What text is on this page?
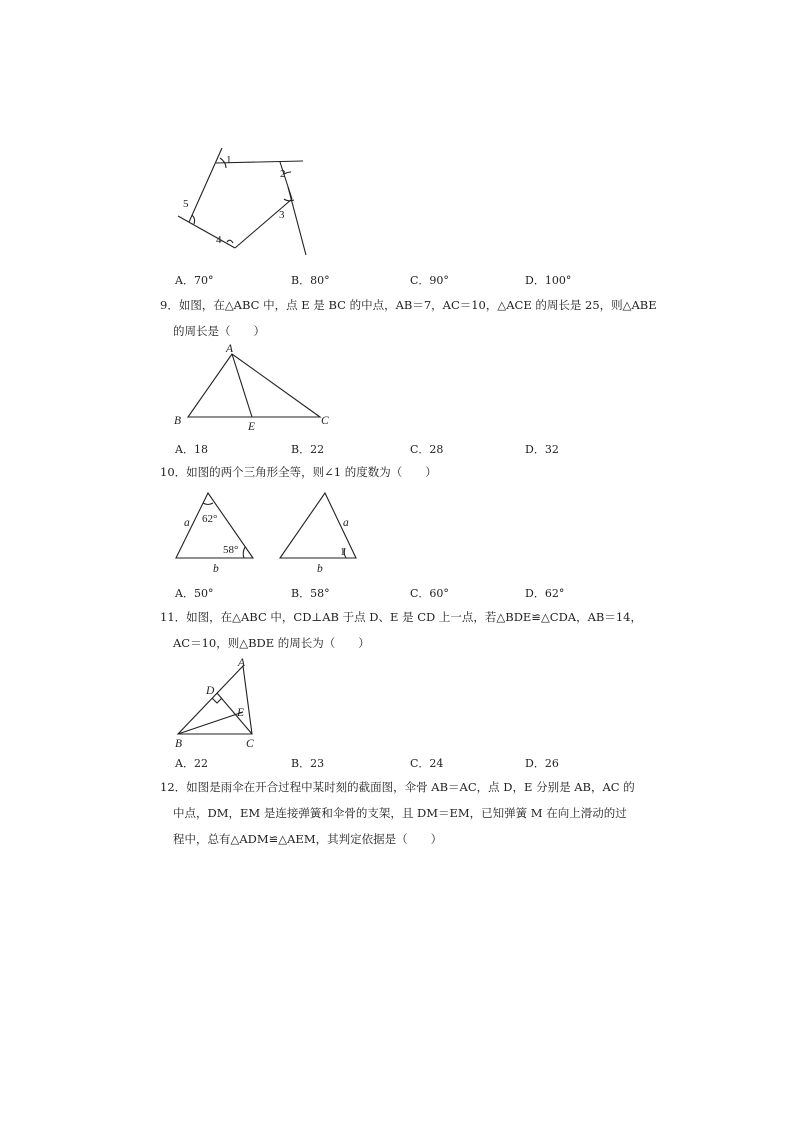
1
2
3
4
5
A．70°	B．80°	C．90°	D．100°
9．如图，在△ABC 中，点 E 是 BC 的中点，AB＝7，AC＝10，△ACE 的周长是 25，则△ABE
的周长是（　　）
A
B	C
E
A．18	B．22	C．28	D．32
10．如图的两个三角形全等，则∠1 的度数为（　　）
a 62°
58°
b
a
1
b
A．50°	B．58°	C．60°	D．62°
11．如图，在△ABC 中，CD⊥AB 于点 D、E 是 CD 上一点，若△BDE≌△CDA，AB＝14，
AC＝10，则△BDE 的周长为（　　）
A
D
E
B	C
A．22	B．23	C．24	D．26
12．如图是雨伞在开合过程中某时刻的截面图，伞骨 AB＝AC，点 D，E 分别是 AB，AC 的
中点，DM，EM 是连接弹簧和伞骨的支架，且 DM＝EM，已知弹簧 M 在向上滑动的过
程中，总有△ADM≌△AEM，其判定依据是（　　）
